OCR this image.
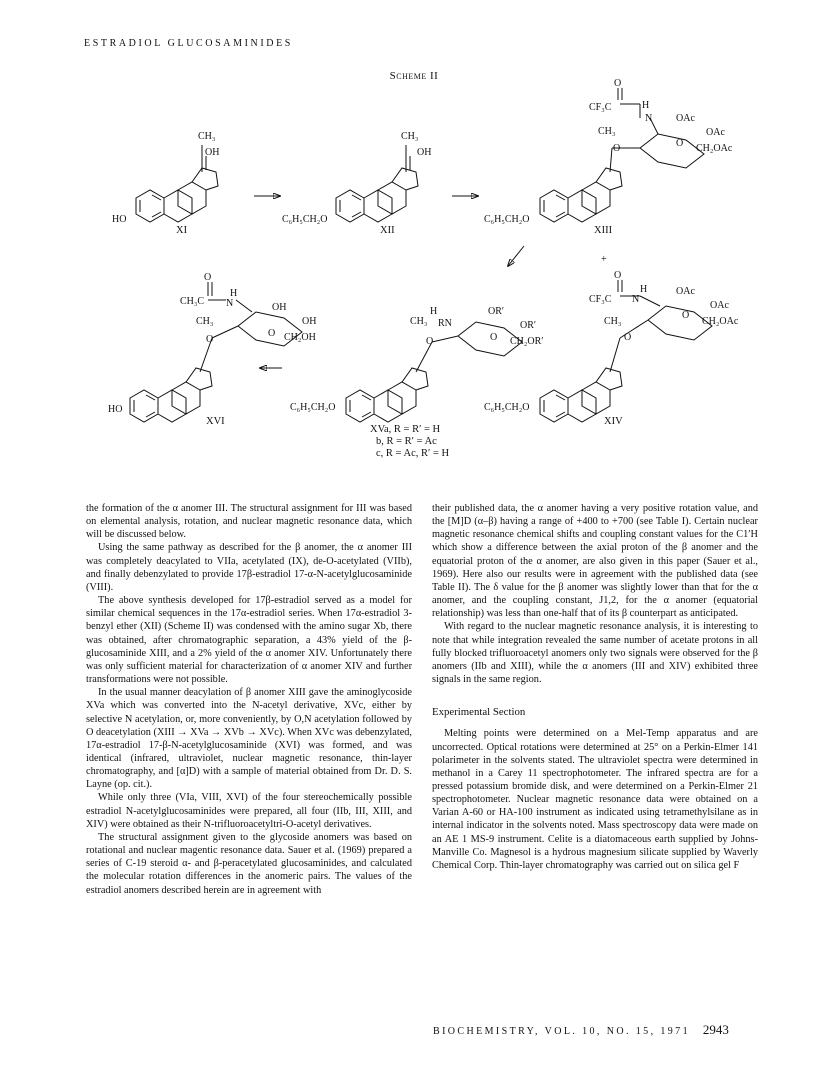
ESTRADIOL GLUCOSAMINIDES
Scheme II
CH₃
OH
HO
XI
CH₃
OH
C₆H₅CH₂O
XII
O
CF₃C	H
N OAc
OAc
CH₂OAc
O
O
CH₃
C₆H₅CH₂O
XIII
+
O
CF₃C
H
N
OAc
OAc
CH₂OAc
O
O
CH₃
C₆H₅CH₂O
XIV
H
RN
OR′
OR′
CH₂OR′
O
O
CH₃
C₆H₅CH₂O
XVa, R = R′ = H
b, R = R′ = Ac
c, R = Ac, R′ = H
O
CH₃C
H
N	OH
OH
CH₂OH
O
O
CH₃
HO
XVI

the formation of the α anomer III. The structural assignment for III was based on elemental analysis, rotation, and nuclear magnetic resonance data, which will be discussed below.

Using the same pathway as described for the β anomer, the α anomer III was completely deacylated to VIIa, acetylated (IX), de-O-acetylated (VIIb), and finally debenzylated to provide 17β-estradiol 17-α-N-acetylglucosaminide (VIII).

The above synthesis developed for 17β-estradiol served as a model for similar chemical sequences in the 17α-estradiol series. When 17α-estradiol 3-benzyl ether (XII) (Scheme II) was condensed with the amino sugar Xb, there was obtained, after chromatographic separation, a 43% yield of the β-glucosaminide XIII, and a 2% yield of the α anomer XIV. Unfortunately there was only sufficient material for characterization of α anomer XIV and further transformations were not possible.

In the usual manner deacylation of β anomer XIII gave the aminoglycoside XVa which was converted into the N-acetyl derivative, XVc, either by selective N acetylation, or, more conveniently, by O,N acetylation followed by O deacetylation (XIII → XVa → XVb → XVc). When XVc was debenzylated, 17α-estradiol 17-β-N-acetylglucosaminide (XVI) was formed, and was identical (infrared, ultraviolet, nuclear magnetic resonance, thin-layer chromatography, and [α]D) with a sample of material obtained from Dr. D. S. Layne (op. cit.).

While only three (VIa, VIII, XVI) of the four stereochemically possible estradiol N-acetylglucosaminides were prepared, all four (IIb, III, XIII, and XIV) were obtained as their N-trifluoroacetyltri-O-acetyl derivatives.

The structural assignment given to the glycoside anomers was based on rotational and nuclear magentic resonance data. Sauer et al. (1969) prepared a series of C-19 steroid α- and β-peracetylated glucosaminides, and calculated the molecular rotation differences in the anomeric pairs. The values of the estradiol anomers described herein are in agreement with

their published data, the α anomer having a very positive rotation value, and the [M]D (α–β) having a range of +400 to +700 (see Table I). Certain nuclear magnetic resonance chemical shifts and coupling constant values for the C1′H which show a difference between the axial proton of the β anomer and the equatorial proton of the α anomer, are also given in this paper (Sauer et al., 1969). Here also our results were in agreement with the published data (see Table II). The δ value for the β anomer was slightly lower than that for the α anomer, and the coupling constant, J1,2, for the α anomer (equatorial relationship) was less than one-half that of its β counterpart as anticipated.

With regard to the nuclear magnetic resonance analysis, it is interesting to note that while integration revealed the same number of acetate protons in all fully blocked trifluoroacetyl anomers only two signals were observed for the β anomers (IIb and XIII), while the α anomers (III and XIV) exhibited three signals in the same region.

Experimental Section

Melting points were determined on a Mel-Temp apparatus and are uncorrected. Optical rotations were determined at 25° on a Perkin-Elmer 141 polarimeter in the solvents stated. The ultraviolet spectra were determined in methanol in a Carey 11 spectrophotometer. The infrared spectra are for a pressed potassium bromide disk, and were determined on a Perkin-Elmer 21 spectrophotometer. Nuclear magnetic resonance data were obtained on a Varian A-60 or HA-100 instrument as indicated using tetramethylsilane as in internal indicator in the solvents noted. Mass spectroscopy data were made on an AE 1 MS-9 instrument. Celite is a diatomaceous earth supplied by Johns-Manville Co. Magnesol is a hydrous magnesium silicate supplied by Waverly Chemical Corp. Thin-layer chromatography was carried out on silica gel F

BIOCHEMISTRY, VOL. 10, NO. 15, 1971 2943
